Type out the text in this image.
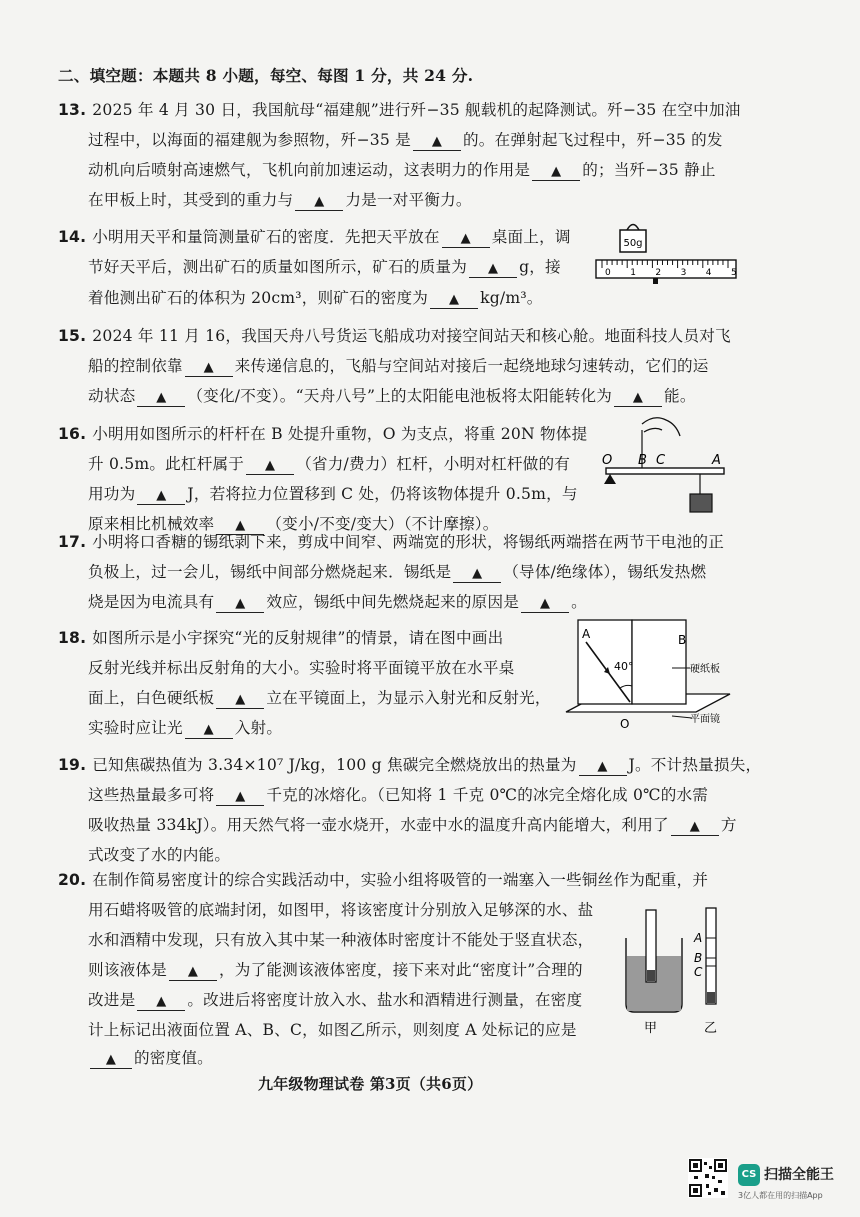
二、填空题：本题共 8 小题，每空、每图 1 分，共 24 分.
13. 2025 年 4 月 30 日，我国航母“福建舰”进行歼−35 舰载机的起降测试。歼−35 在空中加油
过程中，以海面的福建舰为参照物，歼−35 是 ▲ 的。在弹射起飞过程中，歼−35 的发
动机向后喷射高速燃气，飞机向前加速运动，这表明力的作用是 ▲ 的；当歼−35 静止
在甲板上时，其受到的重力与 ▲ 力是一对平衡力。
14. 小明用天平和量筒测量矿石的密度．先把天平放在 ▲ 桌面上，调
节好天平后，测出矿石的质量如图所示，矿石的质量为 ▲ g，接
着他测出矿石的体积为 20cm³，则矿石的密度为 ▲ kg/m³。
50g
0 1 2 3 4 5
15. 2024 年 11 月 16，我国天舟八号货运飞船成功对接空间站天和核心舱。地面科技人员对飞
船的控制依靠 ▲ 来传递信息的，飞船与空间站对接后一起绕地球匀速转动，它们的运
动状态 ▲ （变化/不变）。“天舟八号”上的太阳能电池板将太阳能转化为 ▲ 能。
16. 小明用如图所示的杆杆在 B 处提升重物，O 为支点，将重 20N 物体提
升 0.5m。此杠杆属于 ▲ （省力/费力）杠杆，小明对杠杆做的有
用功为 ▲ J，若将拉力位置移到 C 处，仍将该物体提升 0.5m，与
原来相比机械效率 ▲ （变小/不变/变大）（不计摩擦）。
O B C	A
17. 小明将口香糖的锡纸剥下来，剪成中间窄、两端宽的形状，将锡纸两端搭在两节干电池的正
负极上，过一会儿，锡纸中间部分燃烧起来．锡纸是 ▲ （导体/绝缘体），锡纸发热燃
烧是因为电流具有 ▲ 效应，锡纸中间先燃烧起来的原因是 ▲ 。
18. 如图所示是小宇探究“光的反射规律”的情景，请在图中画出
反射光线并标出反射角的大小。实验时将平面镜平放在水平桌
面上，白色硬纸板 ▲ 立在平镜面上，为显示入射光和反射光，
实验时应让光 ▲ 入射。
A	B
40°
O
硬纸板
平面镜
19. 已知焦碳热值为 3.34×10⁷ J/kg，100 g 焦碳完全燃烧放出的热量为 ▲ J。不计热量损失，
这些热量最多可将 ▲ 千克的冰熔化。（已知将 1 千克 0℃的冰完全熔化成 0℃的水需
吸收热量 334kJ）。用天然气将一壶水烧开，水壶中水的温度升高内能增大，利用了 ▲ 方
式改变了水的内能。
20. 在制作简易密度计的综合实践活动中，实验小组将吸管的一端塞入一些铜丝作为配重，并
用石蜡将吸管的底端封闭，如图甲，将该密度计分别放入足够深的水、盐
水和酒精中发现，只有放入其中某一种液体时密度计不能处于竖直状态，
则该液体是 ▲ ，为了能测该液体密度，接下来对此“密度计”合理的
改进是 ▲ 。改进后将密度计放入水、盐水和酒精进行测量，在密度
计上标记出液面位置 A、B、C，如图乙所示，则刻度 A 处标记的应是
▲ 的密度值。
A
B
C
甲	乙
九年级物理试卷 第3页（共6页）
CS 扫描全能王
3亿人都在用的扫描App
